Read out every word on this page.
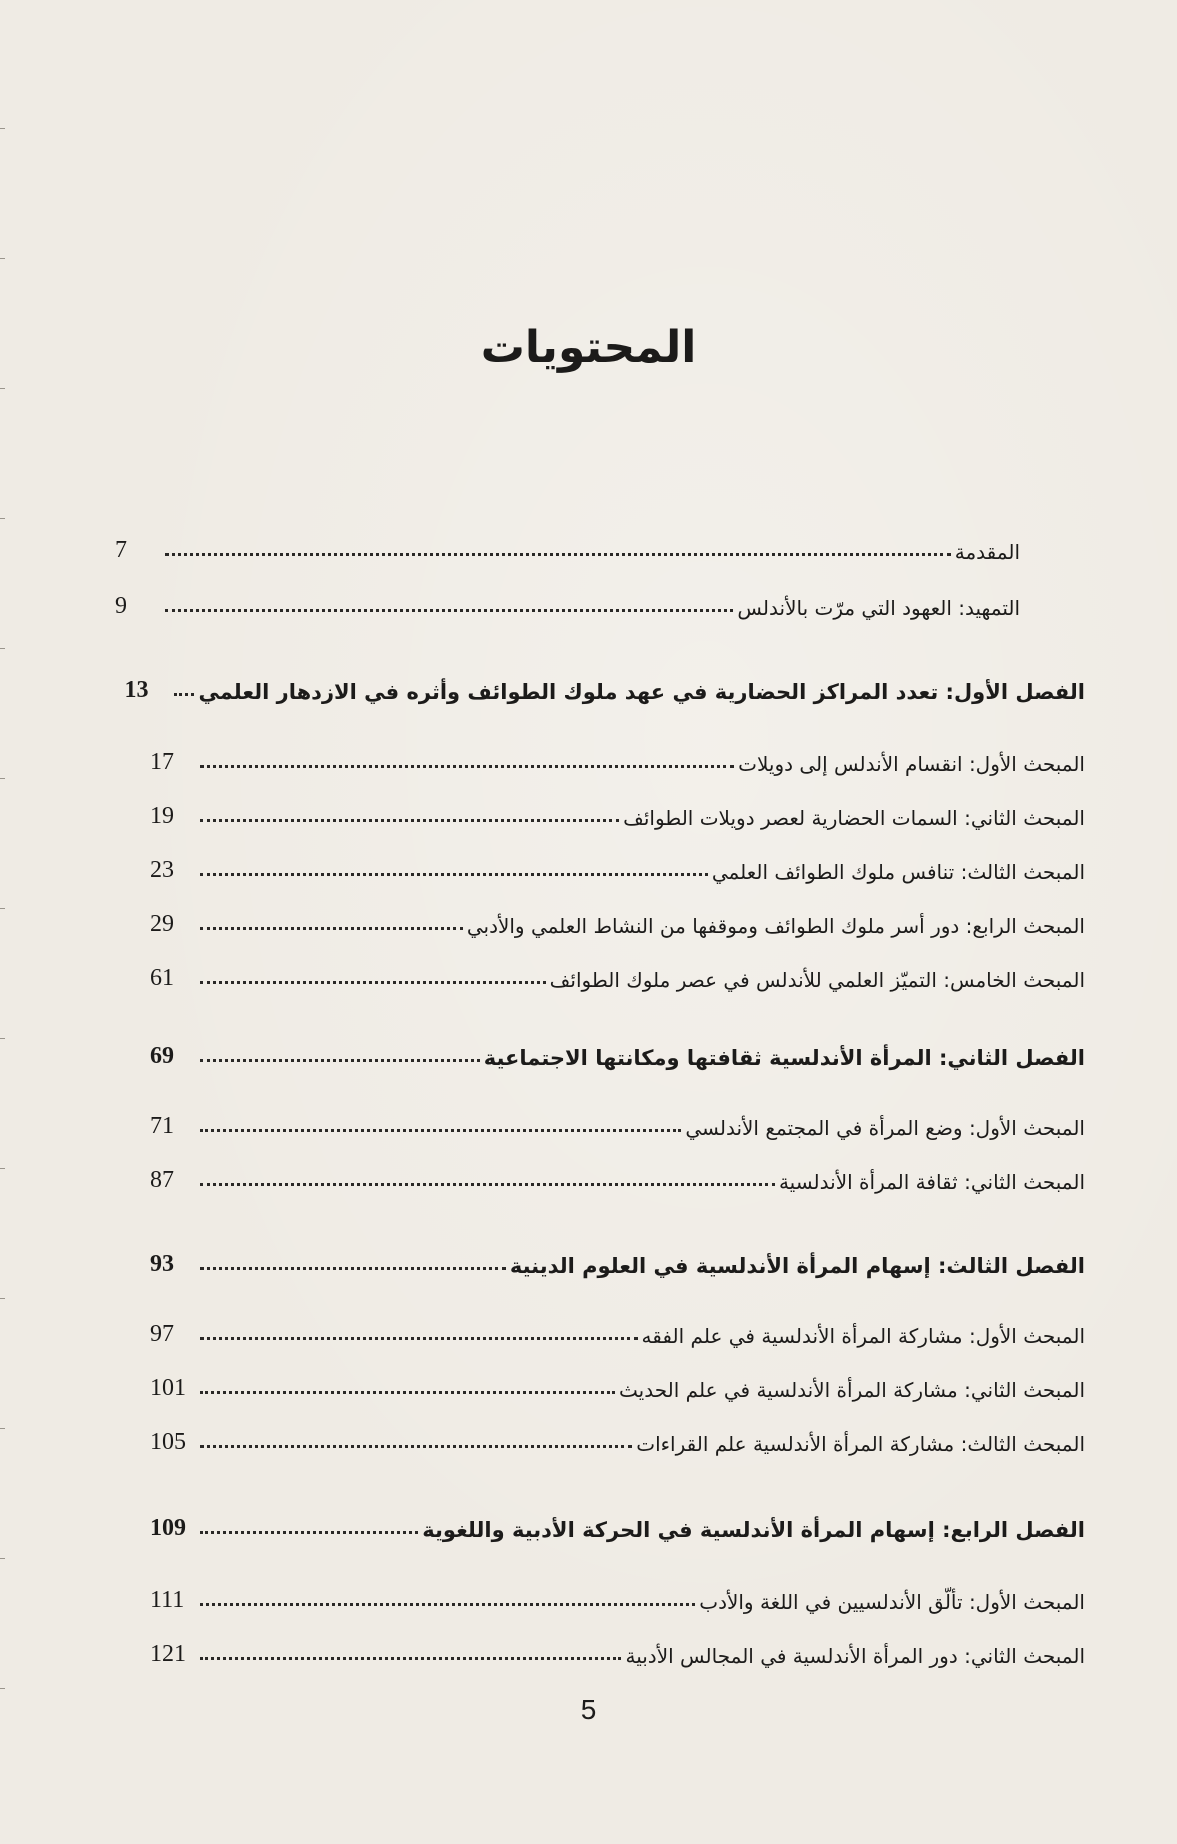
المحتويات
المقدمة
7
التمهيد: العهود التي مرّت بالأندلس
9
الفصل الأول: تعدد المراكز الحضارية في عهد ملوك الطوائف وأثره في الازدهار العلمي
13
المبحث الأول: انقسام الأندلس إلى دويلات
17
المبحث الثاني: السمات الحضارية لعصر دويلات الطوائف
19
المبحث الثالث: تنافس ملوك الطوائف العلمي
23
المبحث الرابع: دور أسر ملوك الطوائف وموقفها من النشاط العلمي والأدبي
29
المبحث الخامس: التميّز العلمي للأندلس في عصر ملوك الطوائف
61
الفصل الثاني: المرأة الأندلسية ثقافتها ومكانتها الاجتماعية
69
المبحث الأول: وضع المرأة في المجتمع الأندلسي
71
المبحث الثاني: ثقافة المرأة الأندلسية
87
الفصل الثالث: إسهام المرأة الأندلسية في العلوم الدينية
93
المبحث الأول: مشاركة المرأة الأندلسية في علم الفقه
97
المبحث الثاني: مشاركة المرأة الأندلسية في علم الحديث
101
المبحث الثالث: مشاركة المرأة الأندلسية علم القراءات
105
الفصل الرابع: إسهام المرأة الأندلسية في الحركة الأدبية واللغوية
109
المبحث الأول: تألّق الأندلسيين في اللغة والأدب
111
المبحث الثاني: دور المرأة الأندلسية في المجالس الأدبية
121
5
